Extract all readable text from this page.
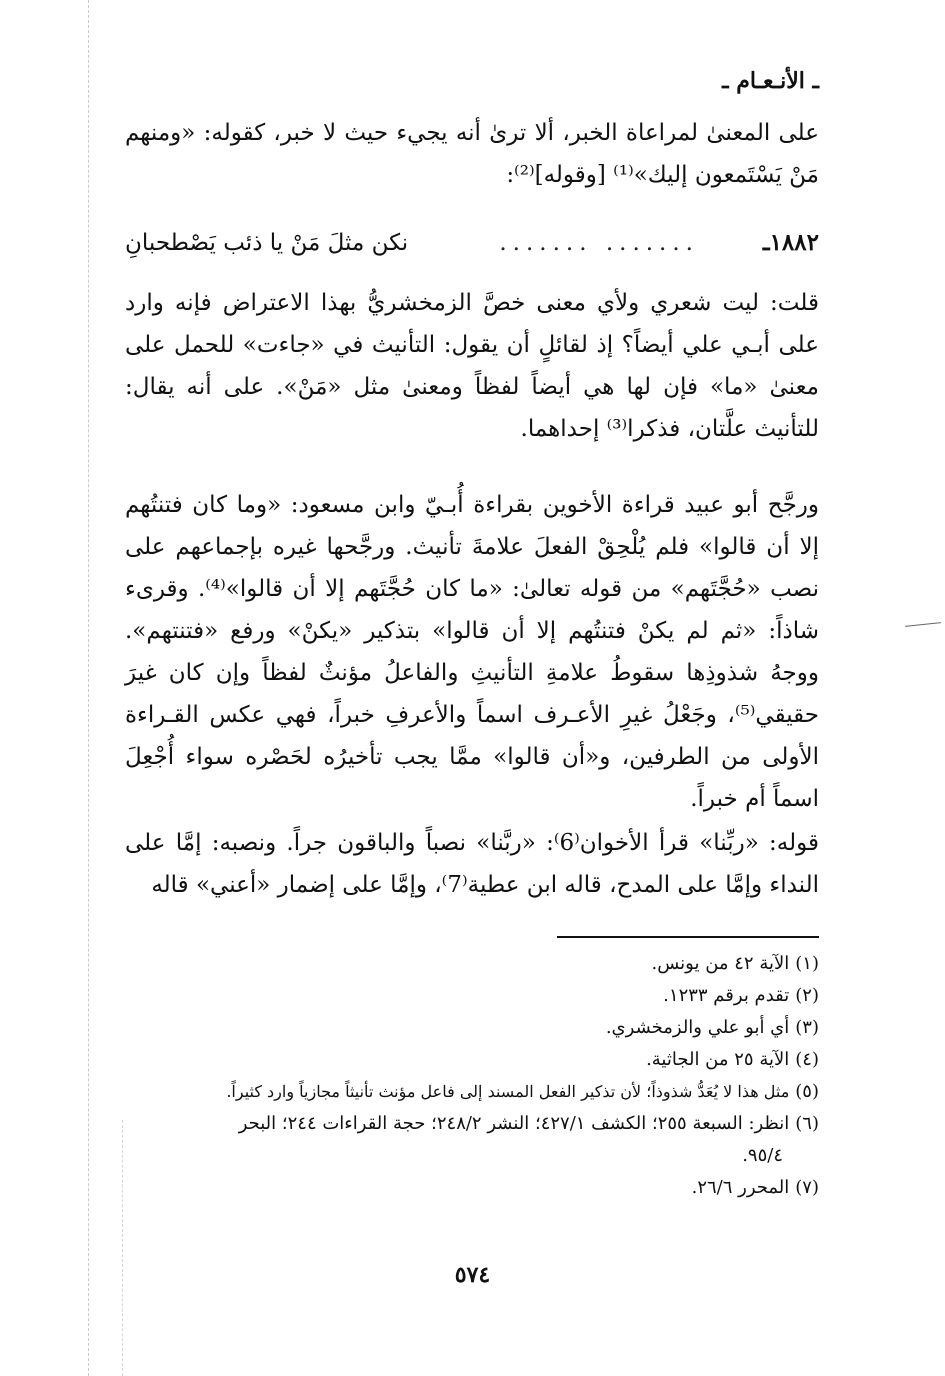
ـ الأنـعـام ـ

على المعنىٰ لمراعاة الخبر، ألا ترىٰ أنه يجيء حيث لا خبر، كقوله: «ومنهم مَنْ يَسْتَمعون إليك»⁽¹⁾ [وقوله]⁽²⁾:

١٨٨٢ـ
....... .......
نكن مثلَ مَنْ يا ذئب يَصْطحبانِ

قلت: ليت شعري ولأي معنى خصَّ الزمخشريُّ بهذا الاعتراض فإنه وارد على أبـي علي أيضاً؟ إذ لقائلٍ أن يقول: التأنيث في «جاءت» للحمل على معنىٰ «ما» فإن لها هي أيضاً لفظاً ومعنىٰ مثل «مَنْ». على أنه يقال: للتأنيث علَّتان، فذكرا⁽³⁾ إحداهما.

ورجَّح أبو عبيد قراءة الأخوين بقراءة أُبـيّ وابن مسعود: «وما كان فتنتُهم إلا أن قالوا» فلم يُلْحِقْ الفعلَ علامةَ تأنيث. ورجَّحها غيره بإجماعهم على نصب «حُجَّتَهم» من قوله تعالىٰ: «ما كان حُجَّتَهم إلا أن قالوا»⁽⁴⁾. وقرىء شاذاً: «ثم لم يكنْ فتنتُهم إلا أن قالوا» بتذكير «يكنْ» ورفع «فتنتهم». ووجهُ شذوذِها سقوطُ علامةِ التأنيثِ والفاعلُ مؤنثٌ لفظاً وإن كان غيرَ حقيقي⁽⁵⁾، وجَعْلُ غيرِ الأعـرف اسماً والأعرفِ خبراً، فهي عكس القـراءة الأولى من الطرفين، و«أن قالوا» ممَّا يجب تأخيرُه لحَصْره سواء أُجْعِلَ اسماً أم خبراً.

قوله: «ربِّنا» قرأ الأخوان⁽6⁾: «ربَّنا» نصباً والباقون جراً. ونصبه: إمَّا على النداء وإمَّا على المدح، قاله ابن عطية⁽7⁾، وإمَّا على إضمار «أعني» قاله

(١)الآية ٤٢ من يونس.
(٢)تقدم برقم ١٢٣٣.
(٣)أي أبو علي والزمخشري.
(٤)الآية ٢٥ من الجاثية.
(٥)مثل هذا لا يُعَدُّ شذوذاً؛ لأن تذكير الفعل المسند إلى فاعل مؤنث تأنيثاً مجازياً وارد كثيراً.
(٦)انظر: السبعة ٢٥٥؛ الكشف ٤٢٧/١؛ النشر ٢٤٨/٢؛ حجة القراءات ٢٤٤؛ البحر
٩٥/٤.
(٧)المحرر ٢٦/٦.
٥٧٤
